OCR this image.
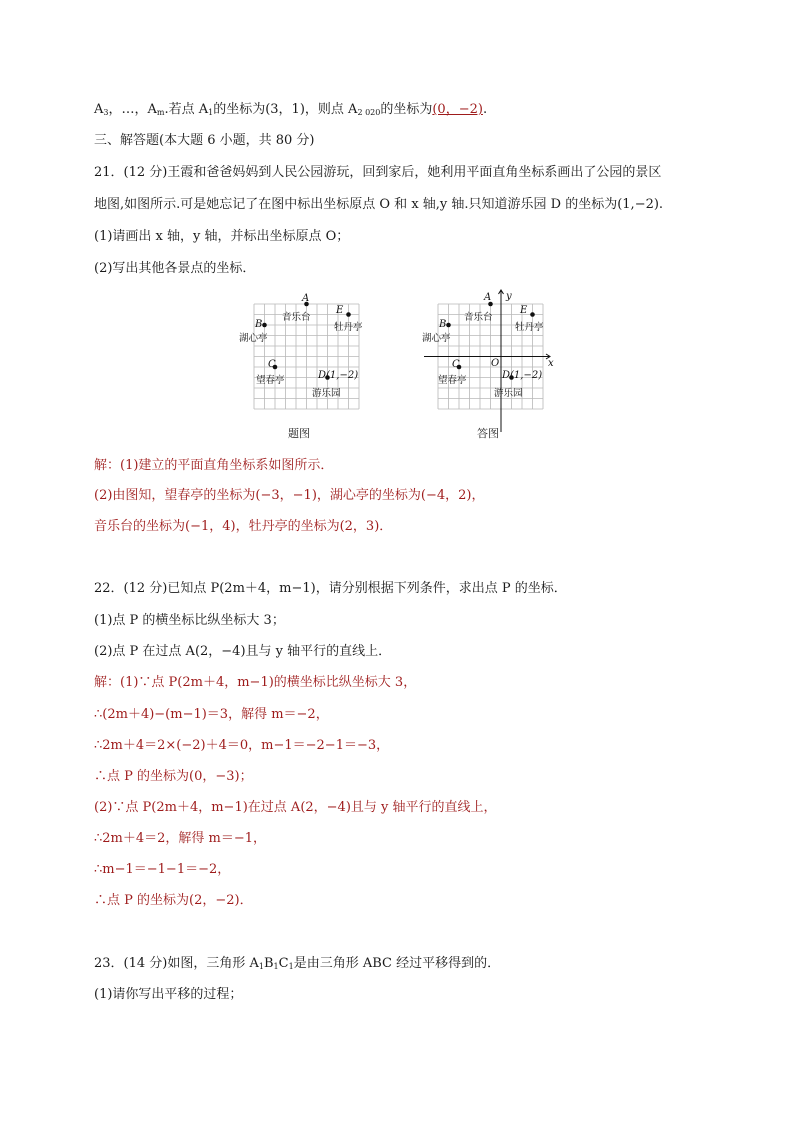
$A_3$，…，$A_m$.若点 $A_1$的坐标为(3，1)，则点 $A_{2 020}$的坐标为(0，−2).
三、解答题(本大题 6 小题，共 80 分)
21．(12 分)王霞和爸爸妈妈到人民公园游玩，回到家后，她利用平面直角坐标系画出了公园的景区
地图,如图所示.可是她忘记了在图中标出坐标原点 O 和 x 轴,y 轴.只知道游乐园 D 的坐标为(1,−2).
(1)请画出 x 轴，y 轴，并标出坐标原点 O；
(2)写出其他各景点的坐标．
A
E
B
C
D(1,−2)
音乐台
牡丹亭
湖心亭
望春亭
游乐园
题图
A
E
B
C
D(1,−2)
y
x
O
音乐台
牡丹亭
湖心亭
望春亭
游乐园
答图
解：(1)建立的平面直角坐标系如图所示．
(2)由图知，望春亭的坐标为(−3，−1)，湖心亭的坐标为(−4，2)，
音乐台的坐标为(−1，4)，牡丹亭的坐标为(2，3)．
22．(12 分)已知点 P(2m＋4，m−1)，请分别根据下列条件，求出点 P 的坐标．
(1)点 P 的横坐标比纵坐标大 3；
(2)点 P 在过点 A(2，−4)且与 y 轴平行的直线上．
解：(1)∵点 P(2m＋4，m−1)的横坐标比纵坐标大 3，
∴(2m＋4)−(m−1)＝3，解得 m＝−2，
∴2m＋4＝2×(−2)＋4＝0，m−1＝−2−1＝−3，
∴点 P 的坐标为(0，−3)；
(2)∵点 P(2m＋4，m−1)在过点 A(2，−4)且与 y 轴平行的直线上，
∴2m＋4＝2，解得 m＝−1，
∴m−1＝−1−1＝−2，
∴点 P 的坐标为(2，−2)．
23．(14 分)如图，三角形 $A_1B_1C_1$是由三角形 ABC 经过平移得到的．
(1)请你写出平移的过程；
